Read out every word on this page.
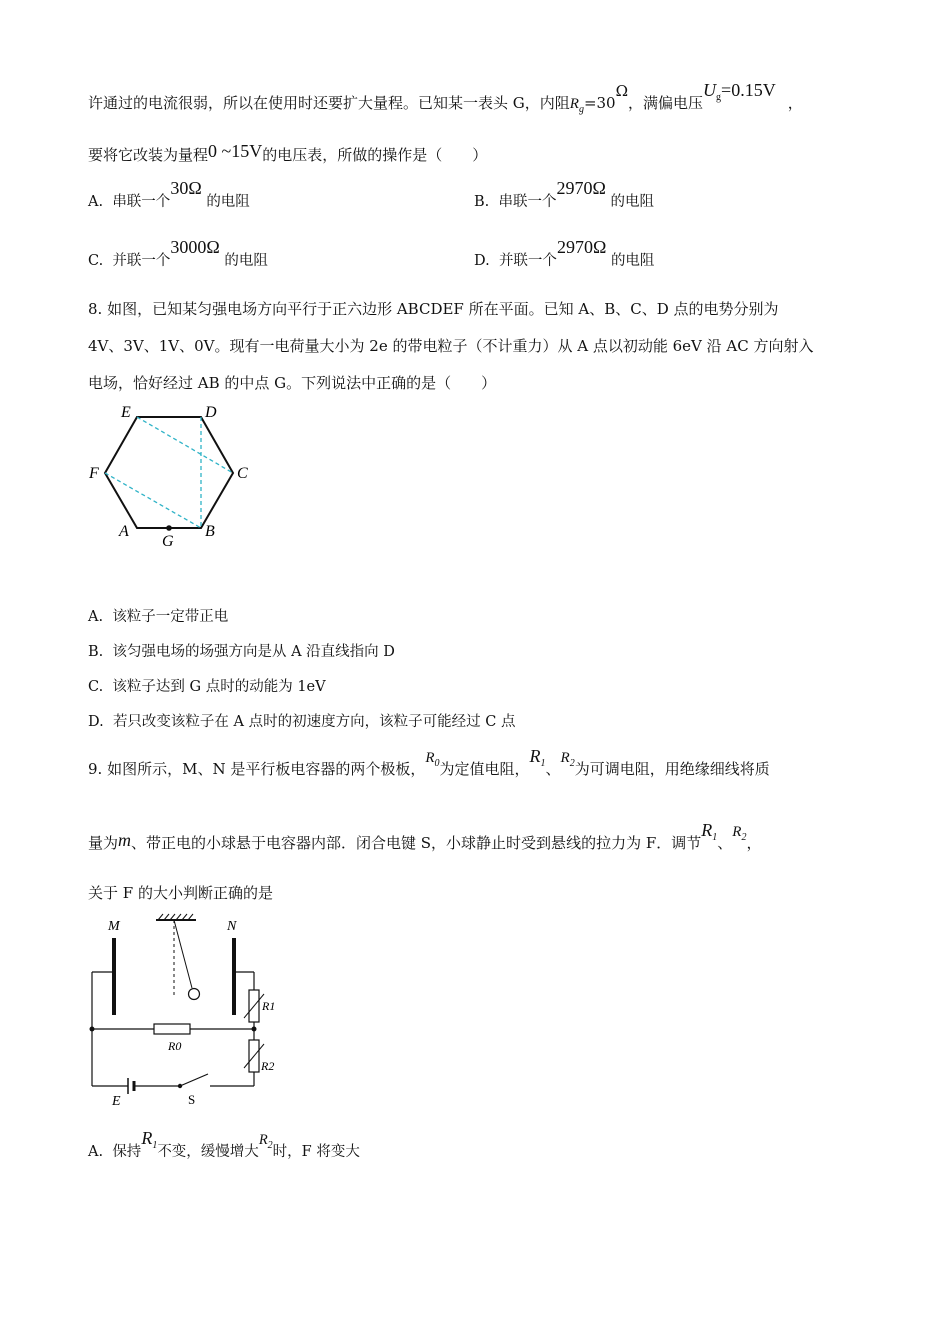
许通过的电流很弱，所以在使用时还要扩大量程。已知某一表头 G，内阻$R_g=30\Omega$，满偏电压$U_g=0.15V$，
要将它改装为量程0 ~15V的电压表，所做的操作是（　　）
A. 串联一个30Ω 的电阻	B. 串联一个2970Ω 的电阻
C. 并联一个3000Ω 的电阻	D. 并联一个2970Ω 的电阻
8. 如图，已知某匀强电场方向平行于正六边形 ABCDEF 所在平面。已知 A、B、C、D 点的电势分别为
4V、3V、1V、0V。现有一电荷量大小为 2e 的带电粒子（不计重力）从 A 点以初动能 6eV 沿 AC 方向射入
电场，恰好经过 AB 的中点 G。下列说法中正确的是（　　）
E	D
C
F
A	B
G
A. 该粒子一定带正电
B. 该匀强电场的场强方向是从 A 沿直线指向 D
C. 该粒子达到 G 点时的动能为 1eV
D. 若只改变该粒子在 A 点时的初速度方向，该粒子可能经过 C 点
9. 如图所示，M、N 是平行板电容器的两个极板，$R_0$为定值电阻，$R_1$、$R_2$为可调电阻，用绝缘细线将质
量为m、带正电的小球悬于电容器内部．闭合电键 S，小球静止时受到悬线的拉力为 F．调节$R_1$、$R_2$，
关于 F 的大小判断正确的是
M	N
R0
R1
R2
E	S
A. 保持$R_1$不变，缓慢增大$R_2$时，F 将变大
